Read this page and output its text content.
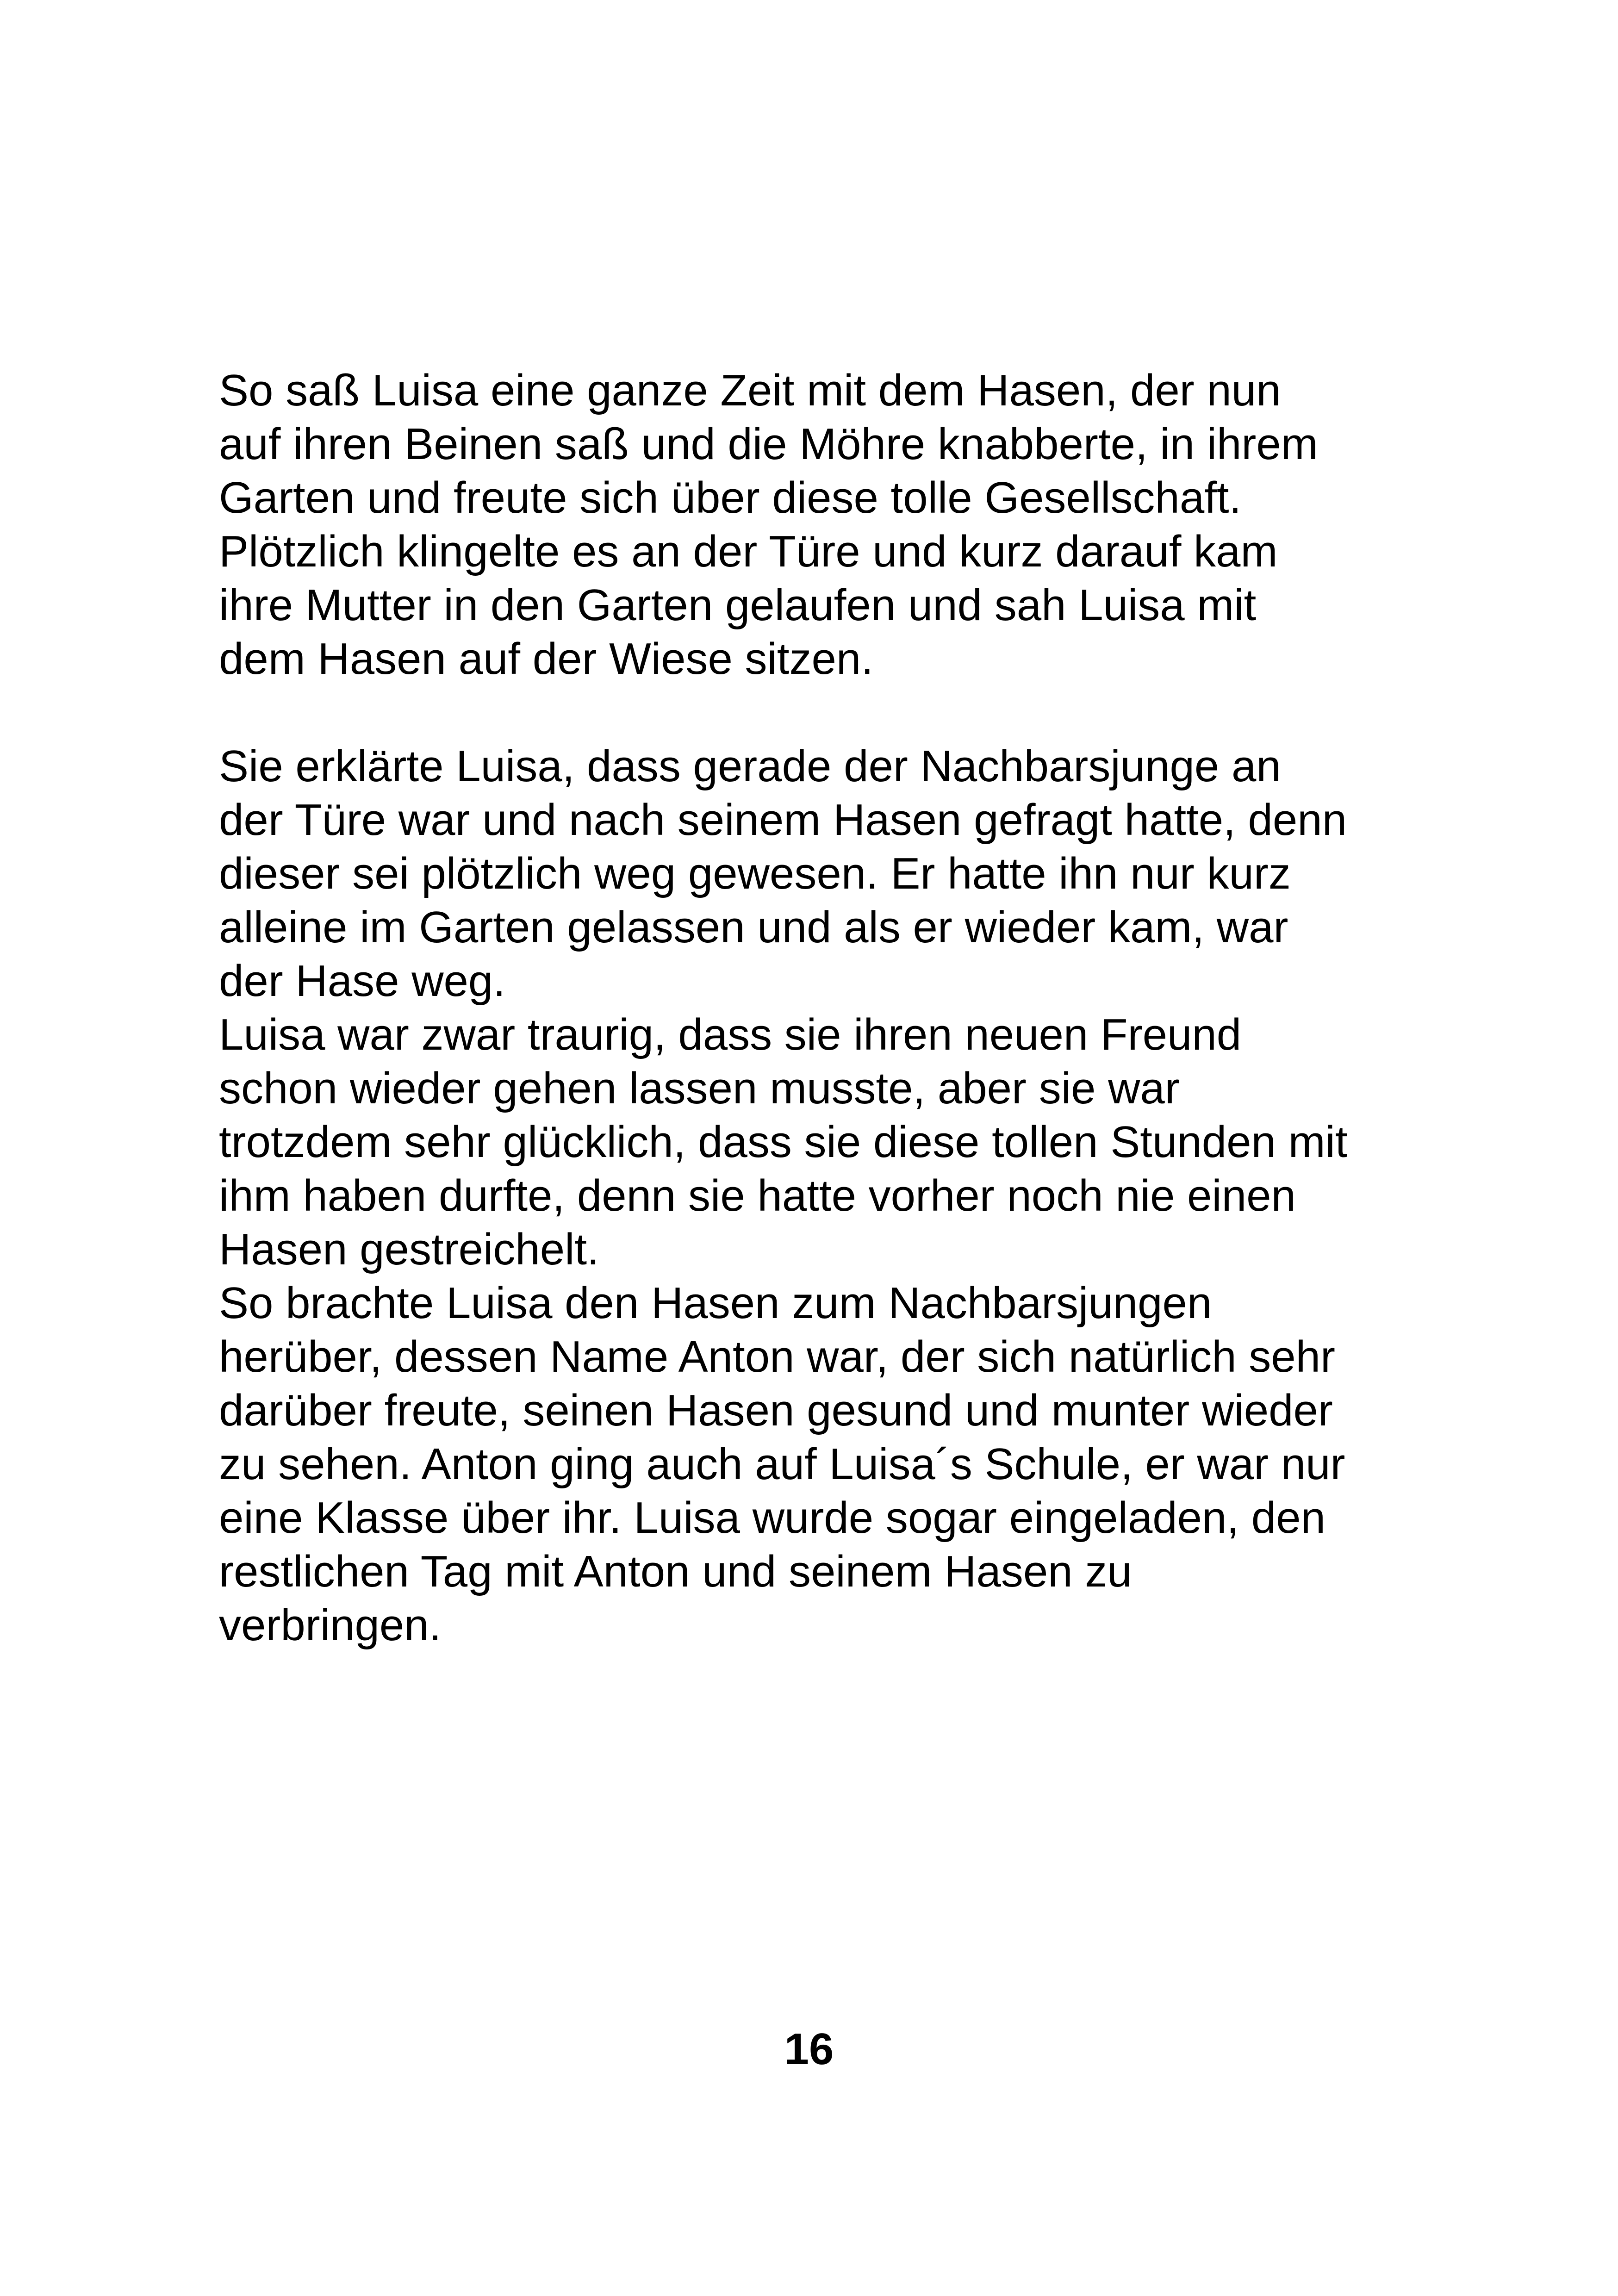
So saß Luisa eine ganze Zeit mit dem Hasen, der nun
auf ihren Beinen saß und die Möhre knabberte, in ihrem
Garten und freute sich über diese tolle Gesellschaft.
Plötzlich klingelte es an der Türe und kurz darauf kam
ihre Mutter in den Garten gelaufen und sah Luisa mit
dem Hasen auf der Wiese sitzen.
Sie erklärte Luisa, dass gerade der Nachbarsjunge an
der Türe war und nach seinem Hasen gefragt hatte, denn
dieser sei plötzlich weg gewesen. Er hatte ihn nur kurz
alleine im Garten gelassen und als er wieder kam, war
der Hase weg.
Luisa war zwar traurig, dass sie ihren neuen Freund
schon wieder gehen lassen musste, aber sie war
trotzdem sehr glücklich, dass sie diese tollen Stunden mit
ihm haben durfte, denn sie hatte vorher noch nie einen
Hasen gestreichelt.
So brachte Luisa den Hasen zum Nachbarsjungen
herüber, dessen Name Anton war, der sich natürlich sehr
darüber freute, seinen Hasen gesund und munter wieder
zu sehen. Anton ging auch auf Luisa´s Schule, er war nur
eine Klasse über ihr. Luisa wurde sogar eingeladen, den
restlichen Tag mit Anton und seinem Hasen zu
verbringen.
16
